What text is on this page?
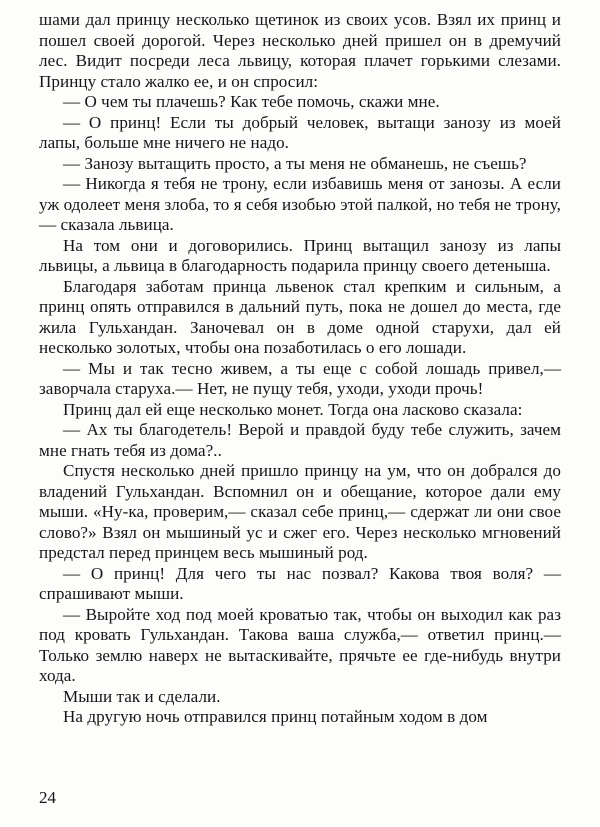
шами дал принцу несколько щетинок из своих усов. Взял их принц и пошел своей дорогой. Через несколько дней пришел он в дремучий лес. Видит посреди леса львицу, которая плачет горькими слезами. Принцу стало жалко ее, и он спросил:

— О чем ты плачешь? Как тебе помочь, скажи мне.

— О принц! Если ты добрый человек, вытащи занозу из моей лапы, больше мне ничего не надо.

— Занозу вытащить просто, а ты меня не обманешь, не съешь?

— Никогда я тебя не трону, если избавишь меня от занозы. А если уж одолеет меня злоба, то я себя изобью этой палкой, но тебя не трону,— сказала львица.

На том они и договорились. Принц вытащил занозу из лапы львицы, а львица в благодарность подарила принцу своего детеныша.

Благодаря заботам принца львенок стал крепким и сильным, а принц опять отправился в дальний путь, пока не дошел до места, где жила Гульхандан. Заночевал он в доме одной старухи, дал ей несколько золотых, чтобы она позаботилась о его лошади.

— Мы и так тесно живем, а ты еще с собой лошадь привел,— заворчала старуха.— Нет, не пущу тебя, уходи, уходи прочь!

Принц дал ей еще несколько монет. Тогда она ласково сказала:

— Ах ты благодетель! Верой и правдой буду тебе служить, зачем мне гнать тебя из дома?..

Спустя несколько дней пришло принцу на ум, что он добрался до владений Гульхандан. Вспомнил он и обещание, которое дали ему мыши. «Ну-ка, проверим,— сказал себе принц,— сдержат ли они свое слово?» Взял он мышиный ус и сжег его. Через несколько мгновений предстал перед принцем весь мышиный род.

— О принц! Для чего ты нас позвал? Какова твоя воля? — спрашивают мыши.

— Выройте ход под моей кроватью так, чтобы он выходил как раз под кровать Гульхандан. Такова ваша служба,— ответил принц.— Только землю наверх не вытаскивайте, прячьте ее где-нибудь внутри хода.

Мыши так и сделали.

На другую ночь отправился принц потайным ходом в дом

24
